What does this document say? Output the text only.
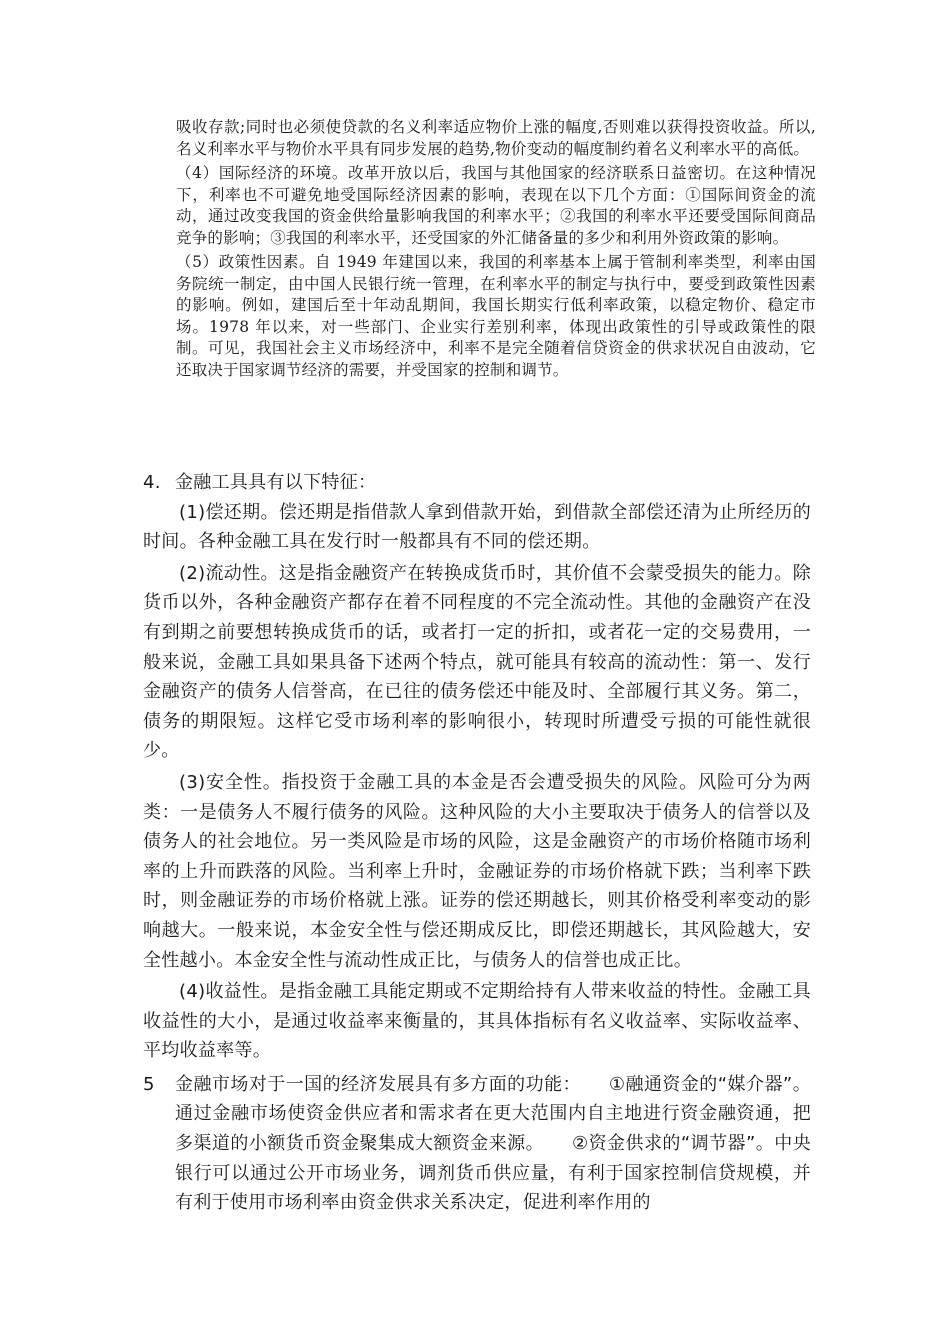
吸收存款;同时也必须使贷款的名义利率适应物价上涨的幅度,否则难以获得投资收益。所以,名义利率水平与物价水平具有同步发展的趋势,物价变动的幅度制约着名义利率水平的高低。

（4）国际经济的环境。改革开放以后，我国与其他国家的经济联系日益密切。在这种情况下，利率也不可避免地受国际经济因素的影响，表现在以下几个方面：①国际间资金的流动，通过改变我国的资金供给量影响我国的利率水平；②我国的利率水平还要受国际间商品竞争的影响；③我国的利率水平，还受国家的外汇储备量的多少和利用外资政策的影响。

（5）政策性因素。自 1949 年建国以来，我国的利率基本上属于管制利率类型，利率由国务院统一制定，由中国人民银行统一管理，在利率水平的制定与执行中，要受到政策性因素的影响。例如，建国后至十年动乱期间，我国长期实行低利率政策，以稳定物价、稳定市场。1978 年以来，对一些部门、企业实行差别利率，体现出政策性的引导或政策性的限制。可见，我国社会主义市场经济中，利率不是完全随着信贷资金的供求状况自由波动，它还取决于国家调节经济的需要，并受国家的控制和调节。

4. 金融工具具有以下特征：

(1)偿还期。偿还期是指借款人拿到借款开始，到借款全部偿还清为止所经历的时间。各种金融工具在发行时一般都具有不同的偿还期。

(2)流动性。这是指金融资产在转换成货币时，其价值不会蒙受损失的能力。除货币以外，各种金融资产都存在着不同程度的不完全流动性。其他的金融资产在没有到期之前要想转换成货币的话，或者打一定的折扣，或者花一定的交易费用，一般来说，金融工具如果具备下述两个特点，就可能具有较高的流动性：第一、发行金融资产的债务人信誉高，在已往的债务偿还中能及时、全部履行其义务。第二，债务的期限短。这样它受市场利率的影响很小，转现时所遭受亏损的可能性就很少。

(3)安全性。指投资于金融工具的本金是否会遭受损失的风险。风险可分为两类：一是债务人不履行债务的风险。这种风险的大小主要取决于债务人的信誉以及债务人的社会地位。另一类风险是市场的风险，这是金融资产的市场价格随市场利率的上升而跌落的风险。当利率上升时，金融证券的市场价格就下跌；当利率下跌时，则金融证券的市场价格就上涨。证券的偿还期越长，则其价格受利率变动的影响越大。一般来说，本金安全性与偿还期成反比，即偿还期越长，其风险越大，安全性越小。本金安全性与流动性成正比，与债务人的信誉也成正比。

(4)收益性。是指金融工具能定期或不定期给持有人带来收益的特性。金融工具收益性的大小，是通过收益率来衡量的，其具体指标有名义收益率、实际收益率、平均收益率等。

5	金融市场对于一国的经济发展具有多方面的功能：　　①融通资金的“媒介器”。通过金融市场使资金供应者和需求者在更大范围内自主地进行资金融资通，把多渠道的小额货币资金聚集成大额资金来源。　　②资金供求的“调节器”。中央银行可以通过公开市场业务，调剂货币供应量，有利于国家控制信贷规模，并有利于使用市场利率由资金供求关系决定，促进利率作用的
